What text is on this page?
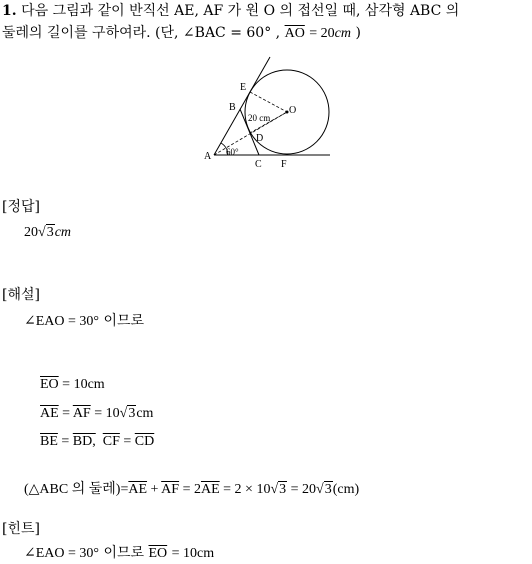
1. 다음 그림과 같이 반직선 AE, AF 가 원 O 의 접선일 때, 삼각형 ABC 의
둘레의 길이를 구하여라. (단, ∠BAC = 60° , $\overline{AO} = 20cm$ )
E
B	O
D
A
C F
20 cm
60°
[정답]
20√3cm
[해설]
∠EAO = 30° 이므로
$\overline{EO} = 10cm$
$\overline{AE} = \overline{AF} = 10√3cm$
$\overline{BE}$ = BD, $\overline{CF} = \overline{CD}$
(△ABC 의 둘레)$=\overline{AE} + \overline{AF} = 2\overline{AE} = 2 \times 10√3 = 20√3(cm)$
[힌트]
∠EAO = 30° 이므로 $\overline{EO} = 10cm$
